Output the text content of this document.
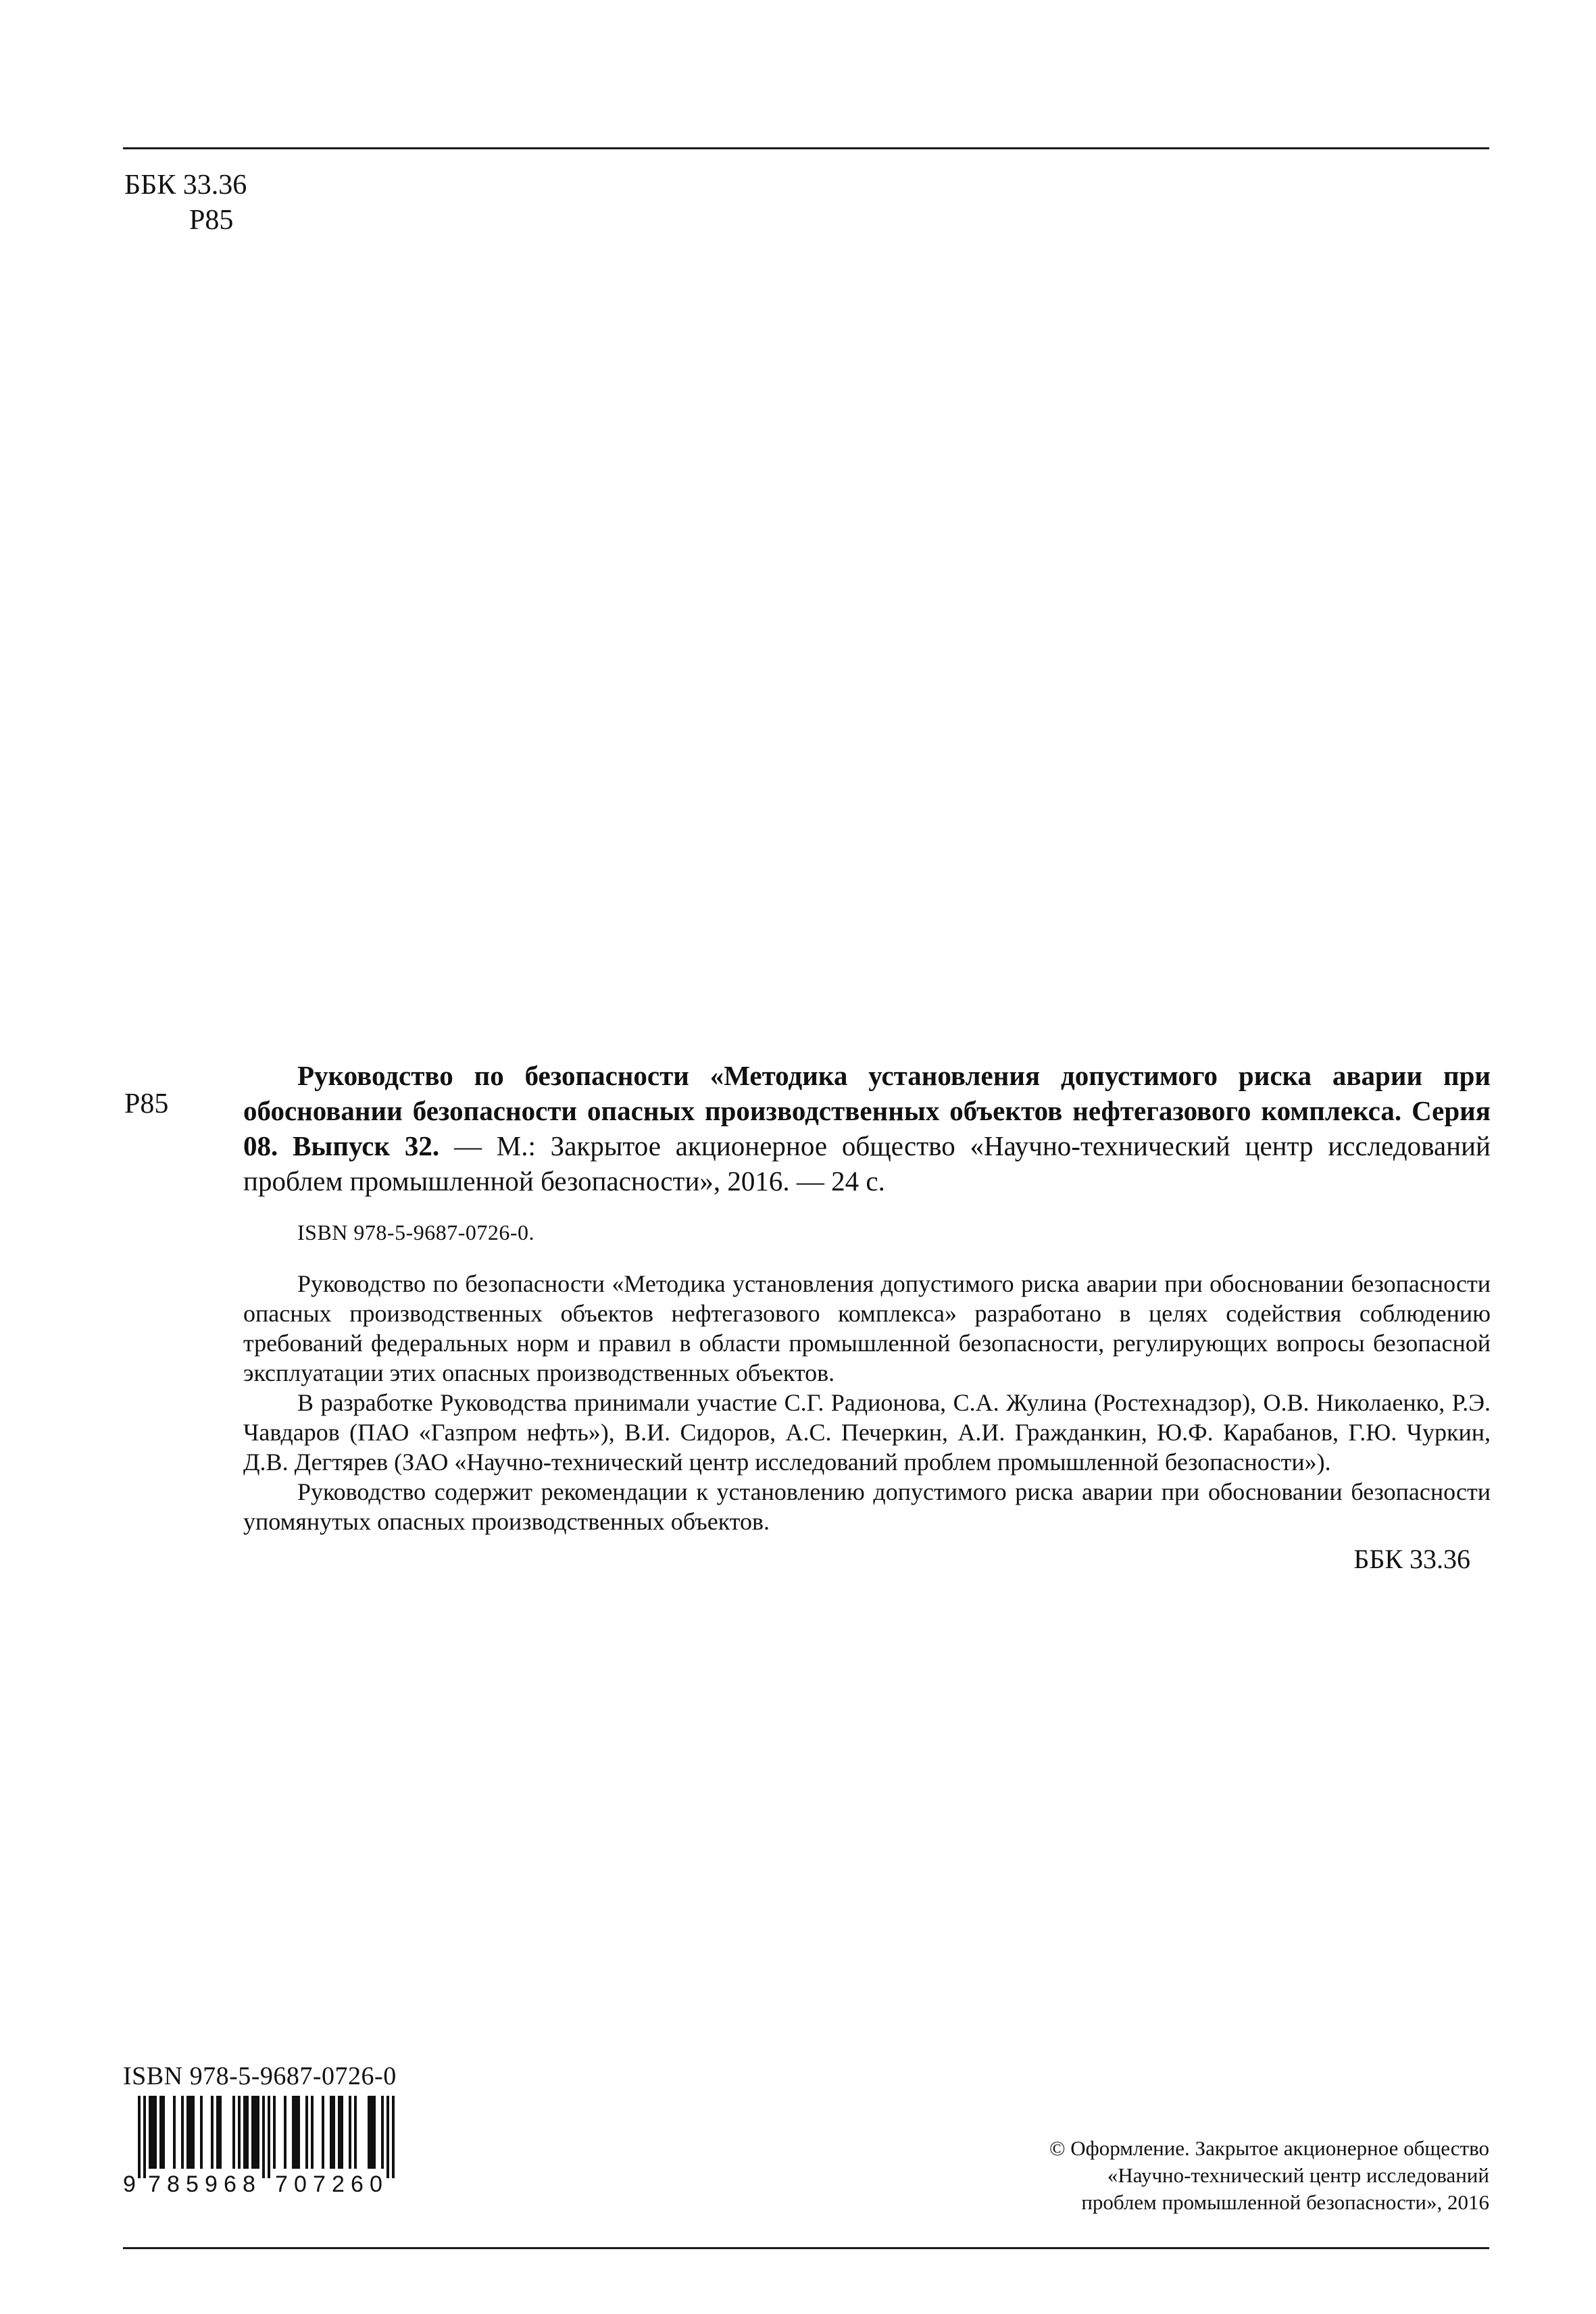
ББК 33.36
Р85
Р85

Руководство по безопасности «Методика установления допустимого риска аварии при обосновании безопасности опасных производственных объектов нефтегазового комплекса. Серия 08. Выпуск 32. — М.: Закрытое акционерное общество «Научно-технический центр исследований проблем промышленной безопасности», 2016. — 24 с.

ISBN 978-5-9687-0726-0.

Руководство по безопасности «Методика установления допустимого риска аварии при обосновании безопасности опасных производственных объектов нефтегазового комплекса» разработано в целях содействия соблюдению требований федеральных норм и правил в области промышленной безопасности, регулирующих вопросы безопасной эксплуатации этих опасных производственных объектов.

В разработке Руководства принимали участие С.Г. Радионова, С.А. Жулина (Ростехнадзор), О.В. Николаенко, Р.Э. Чавдаров (ПАО «Газпром нефть»), В.И. Сидоров, А.С. Печеркин, А.И. Гражданкин, Ю.Ф. Карабанов, Г.Ю. Чуркин, Д.В. Дегтярев (ЗАО «Научно-технический центр исследований проблем промышленной безопасности»).

Руководство содержит рекомендации к установлению допустимого риска аварии при обосновании безопасности упомянутых опасных производственных объектов.

ББК 33.36
ISBN 978-5-9687-0726-0
9 7 8 5 9 6 8 7 0 7 2 6 0
© Оформление. Закрытое акционерное общество
«Научно-технический центр исследований
проблем промышленной безопасности», 2016
